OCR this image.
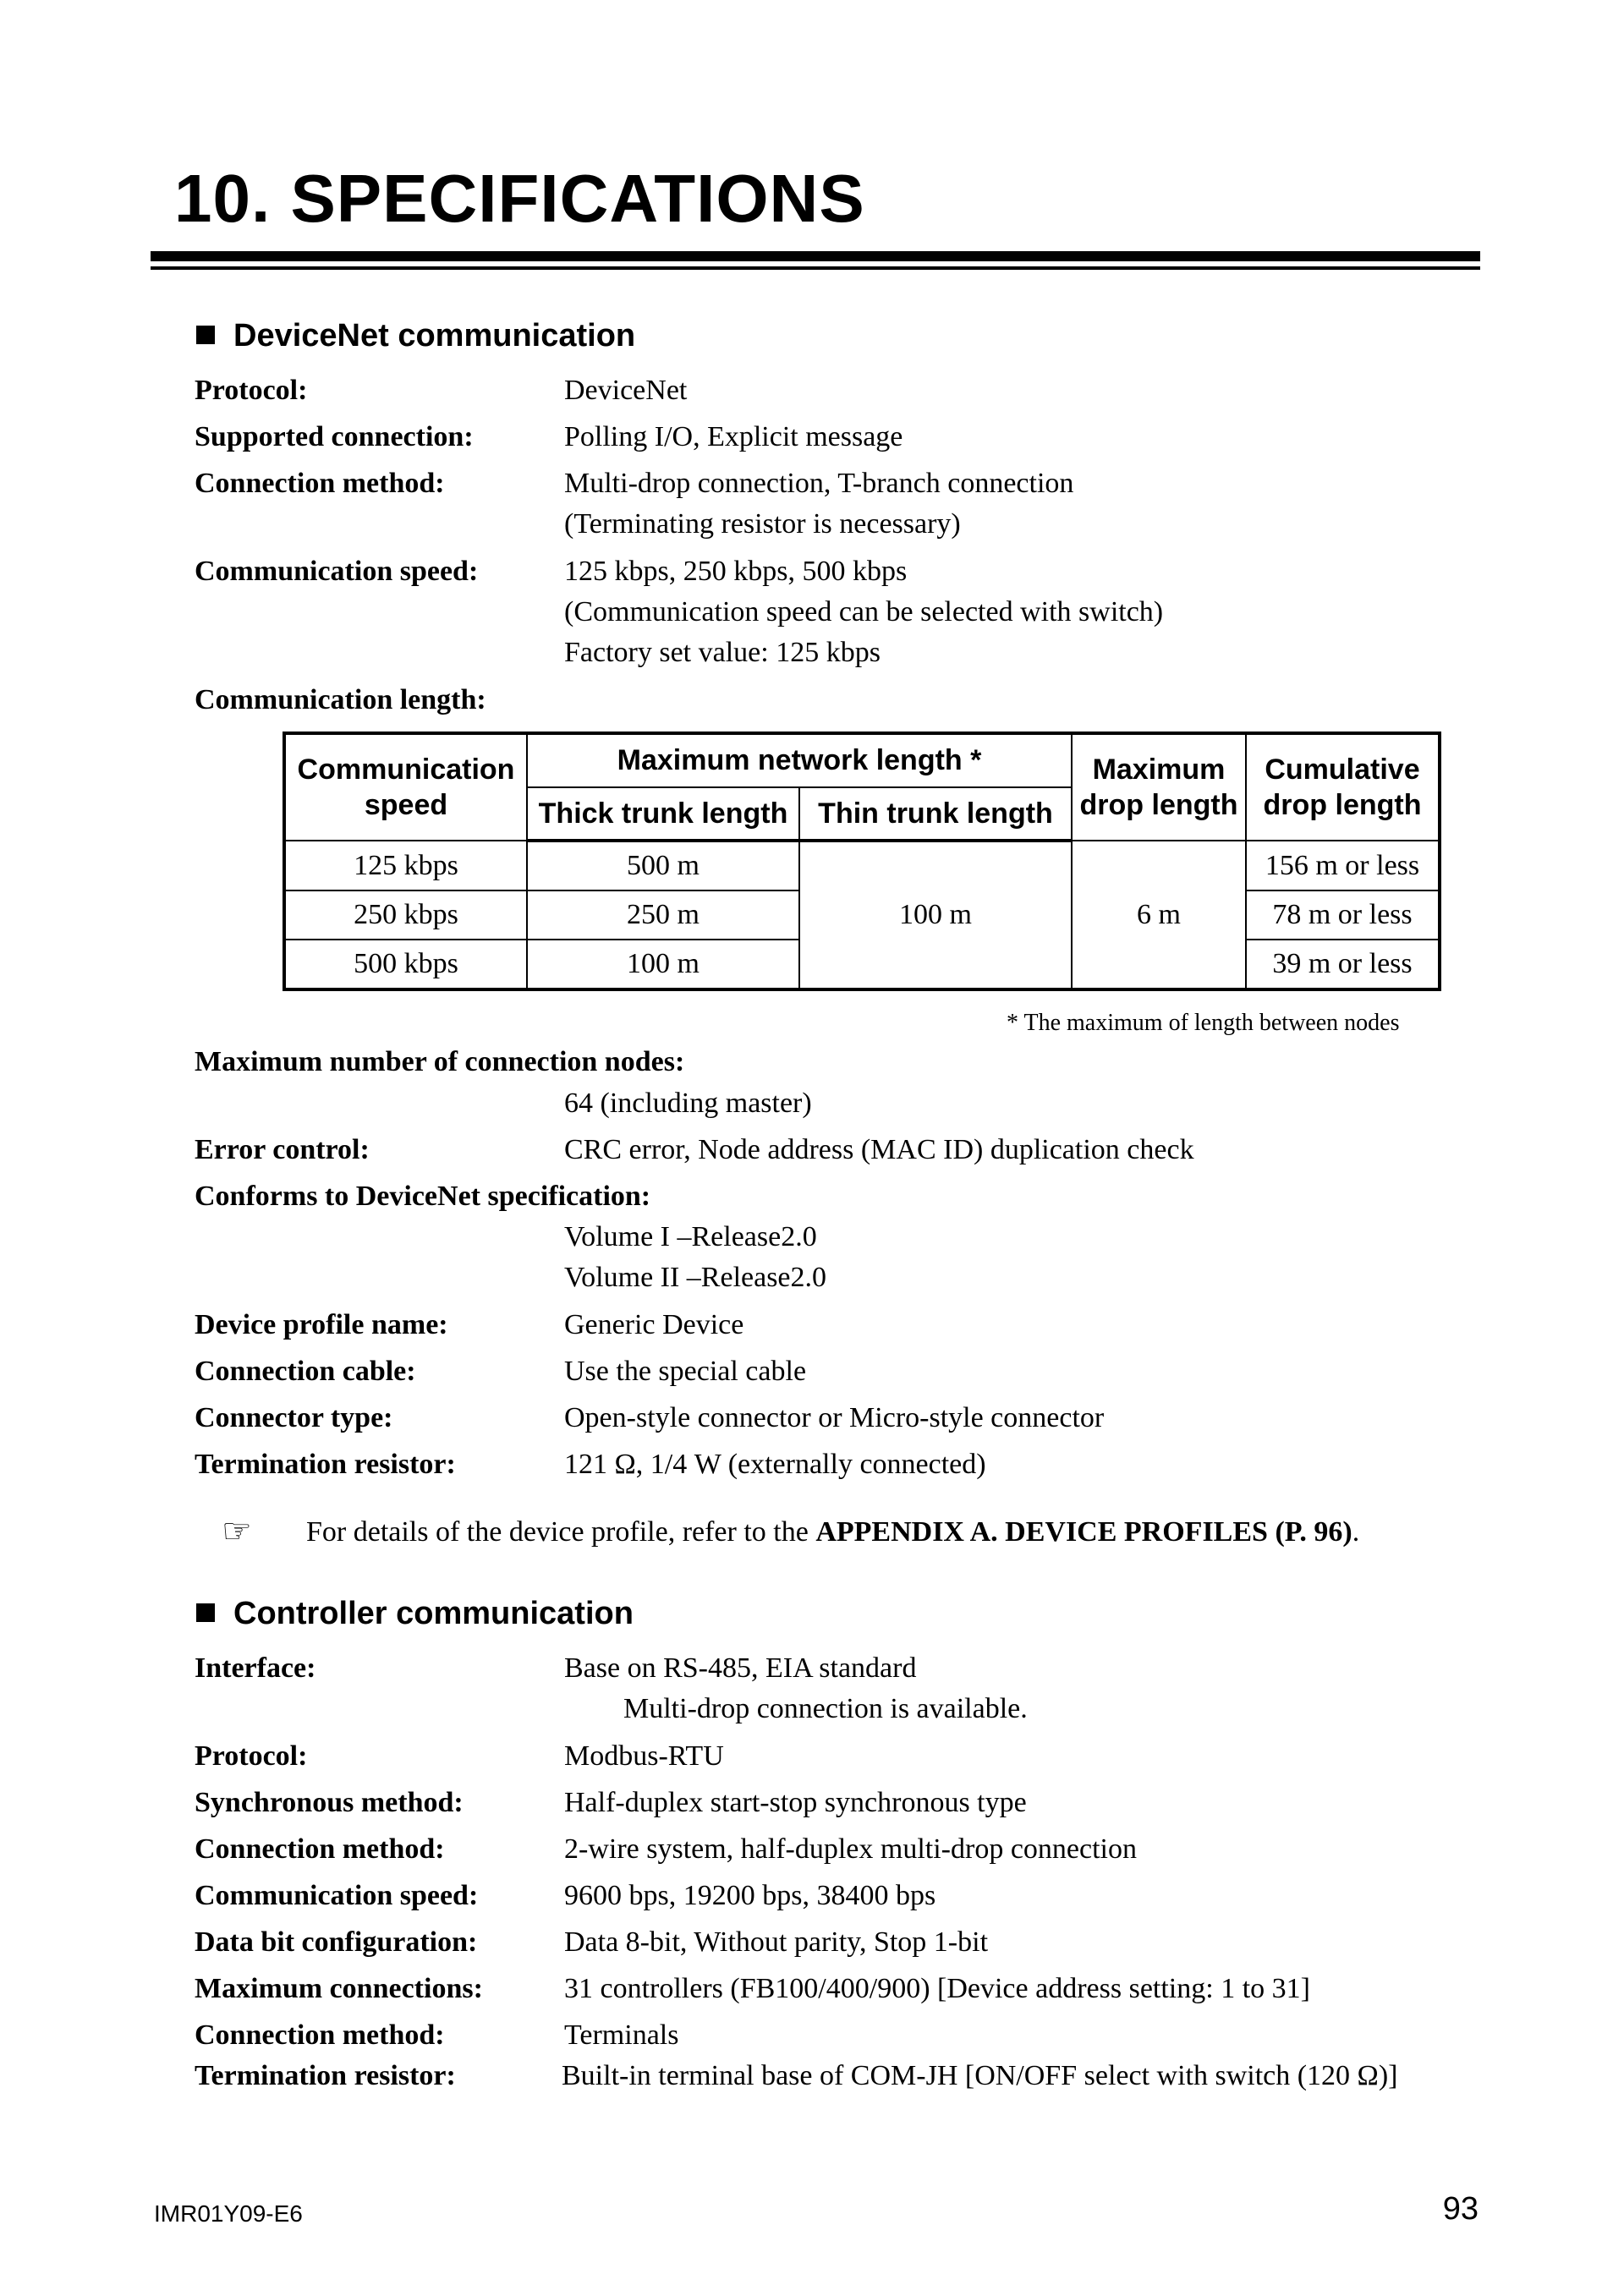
10. SPECIFICATIONS
DeviceNet communication
Protocol:	DeviceNet
Supported connection:	Polling I/O, Explicit message
Connection method:	Multi-drop connection, T-branch connection
(Terminating resistor is necessary)
Communication speed:	125 kbps, 250 kbps, 500 kbps
(Communication speed can be selected with switch)
Factory set value: 125 kbps
Communication length:
Communication speed	Maximum network length *		Maximum drop length	Cumulative drop length
	Thick trunk length	Thin trunk length		
125 kbps	500 m	100 m	6 m	156 m or less
250 kbps	250 m			78 m or less
500 kbps	100 m			39 m or less
* The maximum of length between nodes
Maximum number of connection nodes:
64 (including master)
Error control:	CRC error, Node address (MAC ID) duplication check
Conforms to DeviceNet specification:
Volume I –Release2.0
Volume II –Release2.0
Device profile name:	Generic Device
Connection cable:	Use the special cable
Connector type:	Open-style connector or Micro-style connector
Termination resistor:	121 Ω, 1/4 W (externally connected)
☞ For details of the device profile, refer to the APPENDIX A. DEVICE PROFILES (P. 96).
Controller communication
Interface:	Base on RS-485, EIA standard
Multi-drop connection is available.
Protocol:	Modbus-RTU
Synchronous method:	Half-duplex start-stop synchronous type
Connection method:	2-wire system, half-duplex multi-drop connection
Communication speed:	9600 bps, 19200 bps, 38400 bps
Data bit configuration:	Data 8-bit, Without parity, Stop 1-bit
Maximum connections:	31 controllers (FB100/400/900) [Device address setting: 1 to 31]
Connection method:	Terminals
Termination resistor:	Built-in terminal base of COM-JH [ON/OFF select with switch (120 Ω)]
IMR01Y09-E6	93
